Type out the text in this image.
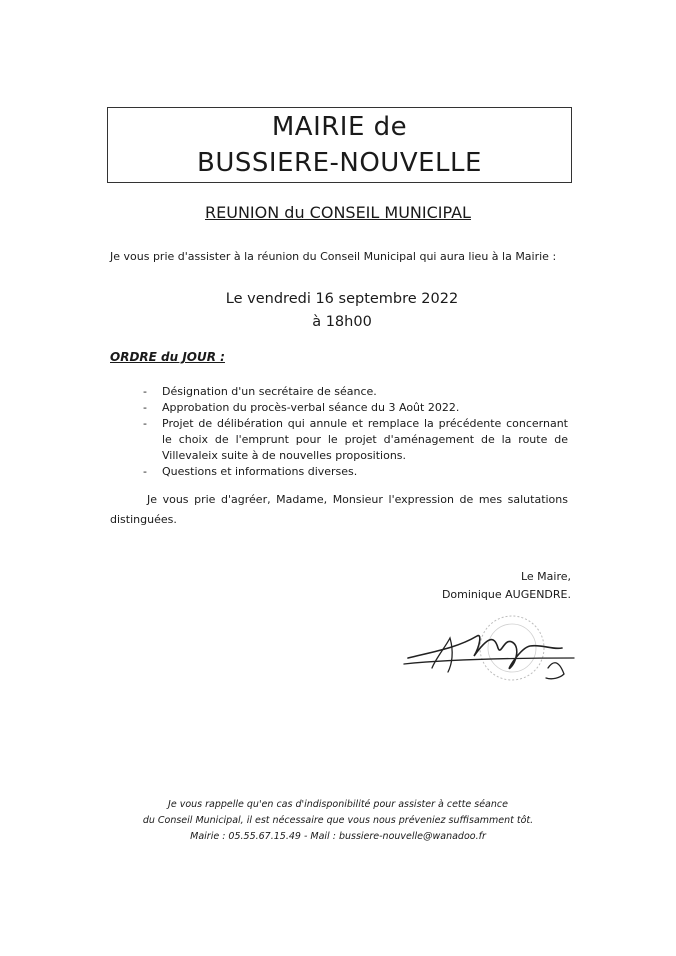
MAIRIE de
BUSSIERE-NOUVELLE
REUNION du CONSEIL MUNICIPAL
Je vous prie d'assister à la réunion du Conseil Municipal qui aura lieu à la Mairie :
Le vendredi 16 septembre 2022
à 18h00
ORDRE du JOUR :
- Désignation d'un secrétaire de séance.
- Approbation du procès-verbal séance du 3 Août 2022.
- Projet de délibération qui annule et remplace la précédente concernant le choix de l'emprunt pour le projet d'aménagement de la route de Villevaleix suite à de nouvelles propositions.
- Questions et informations diverses.
Je vous prie d'agréer, Madame, Monsieur l'expression de mes salutations distinguées.
Le Maire,
Dominique AUGENDRE.
Je vous rappelle qu'en cas d'indisponibilité pour assister à cette séance
du Conseil Municipal, il est nécessaire que vous nous préveniez suffisamment tôt.
Mairie : 05.55.67.15.49 - Mail : bussiere-nouvelle@wanadoo.fr
